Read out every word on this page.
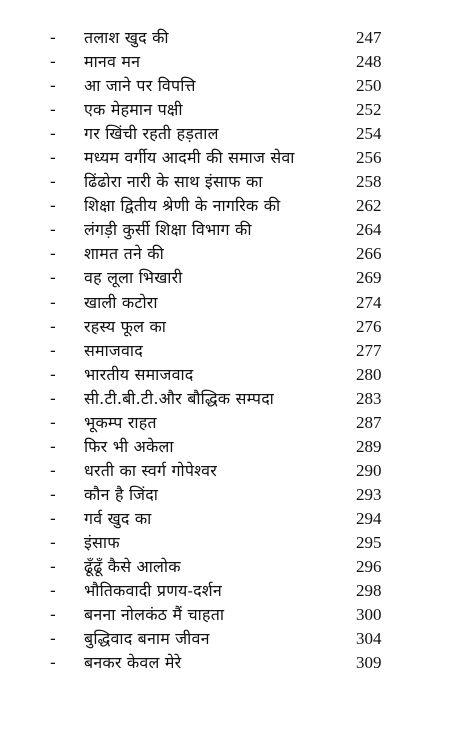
- तलाश खुद की	247
- मानव मन	248
- आ जाने पर विपत्ति	250
- एक मेहमान पक्षी	252
- गर खिंची रहती हड़ताल	254
- मध्यम वर्गीय आदमी की समाज सेवा	256
- ढिंढोरा नारी के साथ इंसाफ का	258
- शिक्षा द्वितीय श्रेणी के नागरिक की	262
- लंगड़ी कुर्सी शिक्षा विभाग की	264
- शामत तने की	266
- वह लूला भिखारी	269
- खाली कटोरा	274
- रहस्य फूल का	276
- समाजवाद	277
- भारतीय समाजवाद	280
- सी.टी.बी.टी.और बौद्धिक सम्पदा	283
- भूकम्प राहत	287
- फिर भी अकेला	289
- धरती का स्वर्ग गोपेश्वर	290
- कौन है जिंदा	293
- गर्व खुद का	294
- इंसाफ	295
- ढूँढूँ कैसे आलोक	296
- भौतिकवादी प्रणय-दर्शन	298
- बनना नोलकंठ मैं चाहता	300
- बुद्धिवाद बनाम जीवन	304
- बनकर केवल मेरे	309
